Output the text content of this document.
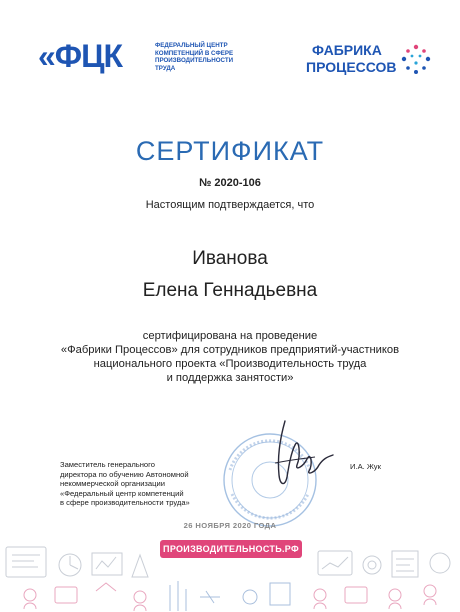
«ФЦК	ФЕДЕРАЛЬНЫЙ ЦЕНТР
КОМПЕТЕНЦИЙ В СФЕРЕ
ПРОИЗВОДИТЕЛЬНОСТИ
ТРУДА
ФАБРИКА
ПРОЦЕССОВ
СЕРТИФИКАТ
№ 2020-106
Настоящим подтверждается, что
Иванова
Елена Геннадьевна
сертифицирована на проведение
«Фабрики Процессов» для сотрудников предприятий-участников
национального проекта «Производительность труда
и поддержка занятости»
Заместитель генерального
директора по обучению Автономной
некоммерческой организации
«Федеральный центр компетенций
в сфере производительности труда»
И.А. Жук
26 НОЯБРЯ 2020 ГОДА
ПРОИЗВОДИТЕЛЬНОСТЬ.РФ
